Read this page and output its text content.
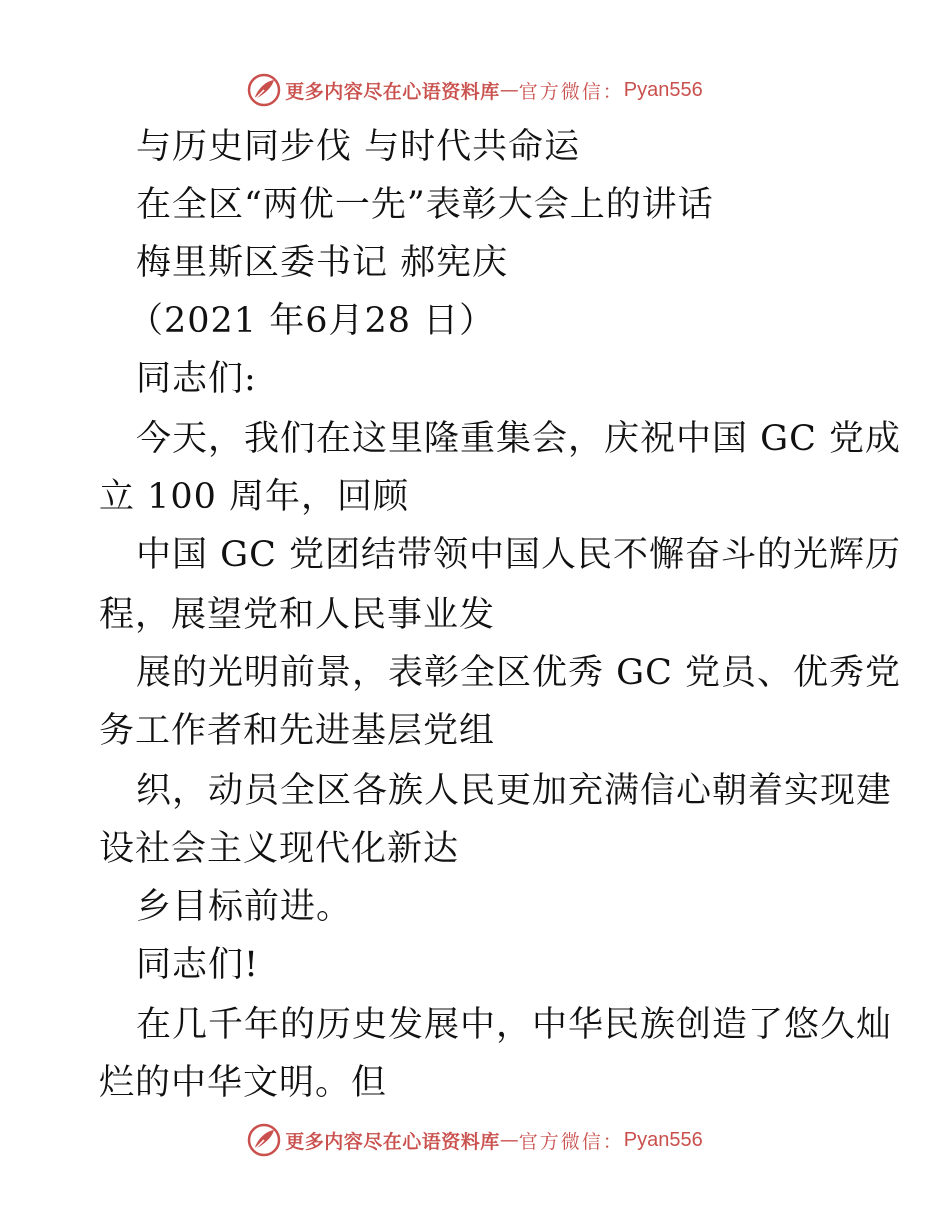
更多内容尽在心语资料库 — 官方微信： Pyan556
与历史同步伐 与时代共命运
在全区“两优一先”表彰大会上的讲话
梅里斯区委书记 郝宪庆
（2021 年6月28 日）
同志们:
今天，我们在这里隆重集会，庆祝中国 GC 党成
立 100 周年，回顾
中国 GC 党团结带领中国人民不懈奋斗的光辉历
程，展望党和人民事业发
展的光明前景，表彰全区优秀 GC 党员、优秀党
务工作者和先进基层党组
织，动员全区各族人民更加充满信心朝着实现建
设社会主义现代化新达
乡目标前进。
同志们!
在几千年的历史发展中，中华民族创造了悠久灿
烂的中华文明。但
更多内容尽在心语资料库 — 官方微信： Pyan556
